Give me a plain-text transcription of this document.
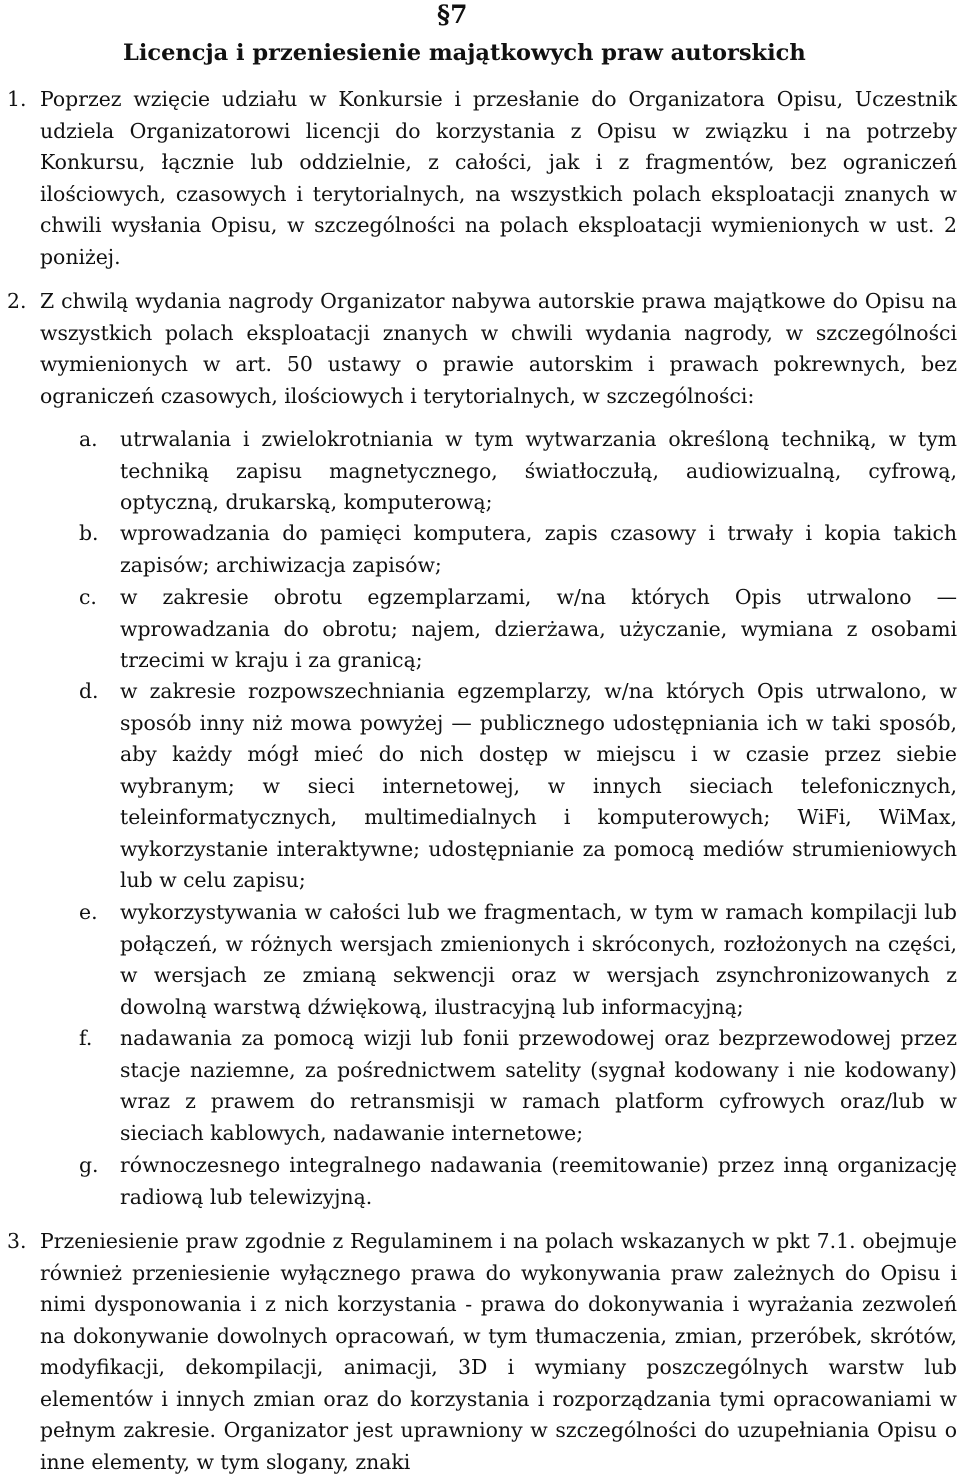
§7
Licencja i przeniesienie majątkowych praw autorskich
1. Poprzez wzięcie udziału w Konkursie i przesłanie do Organizatora Opisu, Uczestnik udziela Organizatorowi licencji do korzystania z Opisu w związku i na potrzeby Konkursu, łącznie lub oddzielnie, z całości, jak i z fragmentów, bez ograniczeń ilościowych, czasowych i terytorialnych, na wszystkich polach eksploatacji znanych w chwili wysłania Opisu, w szczególności na polach eksploatacji wymienionych w ust. 2 poniżej.
2. Z chwilą wydania nagrody Organizator nabywa autorskie prawa majątkowe do Opisu na wszystkich polach eksploatacji znanych w chwili wydania nagrody, w szczególności wymienionych w art. 50 ustawy o prawie autorskim i prawach pokrewnych, bez ograniczeń czasowych, ilościowych i terytorialnych, w szczególności:
a. utrwalania i zwielokrotniania w tym wytwarzania określoną techniką, w tym techniką zapisu magnetycznego, światłoczułą, audiowizualną, cyfrową, optyczną, drukarską, komputerową;
b. wprowadzania do pamięci komputera, zapis czasowy i trwały i kopia takich zapisów; archiwizacja zapisów;
c. w zakresie obrotu egzemplarzami, w/na których Opis utrwalono — wprowadzania do obrotu; najem, dzierżawa, użyczanie, wymiana z osobami trzecimi w kraju i za granicą;
d. w zakresie rozpowszechniania egzemplarzy, w/na których Opis utrwalono, w sposób inny niż mowa powyżej — publicznego udostępniania ich w taki sposób, aby każdy mógł mieć do nich dostęp w miejscu i w czasie przez siebie wybranym; w sieci internetowej, w innych sieciach telefonicznych, teleinformatycznych, multimedialnych i komputerowych; WiFi, WiMax, wykorzystanie interaktywne; udostępnianie za pomocą mediów strumieniowych lub w celu zapisu;
e. wykorzystywania w całości lub we fragmentach, w tym w ramach kompilacji lub połączeń, w różnych wersjach zmienionych i skróconych, rozłożonych na części, w wersjach ze zmianą sekwencji oraz w wersjach zsynchronizowanych z dowolną warstwą dźwiękową, ilustracyjną lub informacyjną;
f. nadawania za pomocą wizji lub fonii przewodowej oraz bezprzewodowej przez stacje naziemne, za pośrednictwem satelity (sygnał kodowany i nie kodowany) wraz z prawem do retransmisji w ramach platform cyfrowych oraz/lub w sieciach kablowych, nadawanie internetowe;
g. równoczesnego integralnego nadawania (reemitowanie) przez inną organizację radiową lub telewizyjną.
3. Przeniesienie praw zgodnie z Regulaminem i na polach wskazanych w pkt 7.1. obejmuje również przeniesienie wyłącznego prawa do wykonywania praw zależnych do Opisu i nimi dysponowania i z nich korzystania - prawa do dokonywania i wyrażania zezwoleń na dokonywanie dowolnych opracowań, w tym tłumaczenia, zmian, przeróbek, skrótów, modyfikacji, dekompilacji, animacji, 3D i wymiany poszczególnych warstw lub elementów i innych zmian oraz do korzystania i rozporządzania tymi opracowaniami w pełnym zakresie. Organizator jest uprawniony w szczególności do uzupełniania Opisu o inne elementy, w tym slogany, znaki
